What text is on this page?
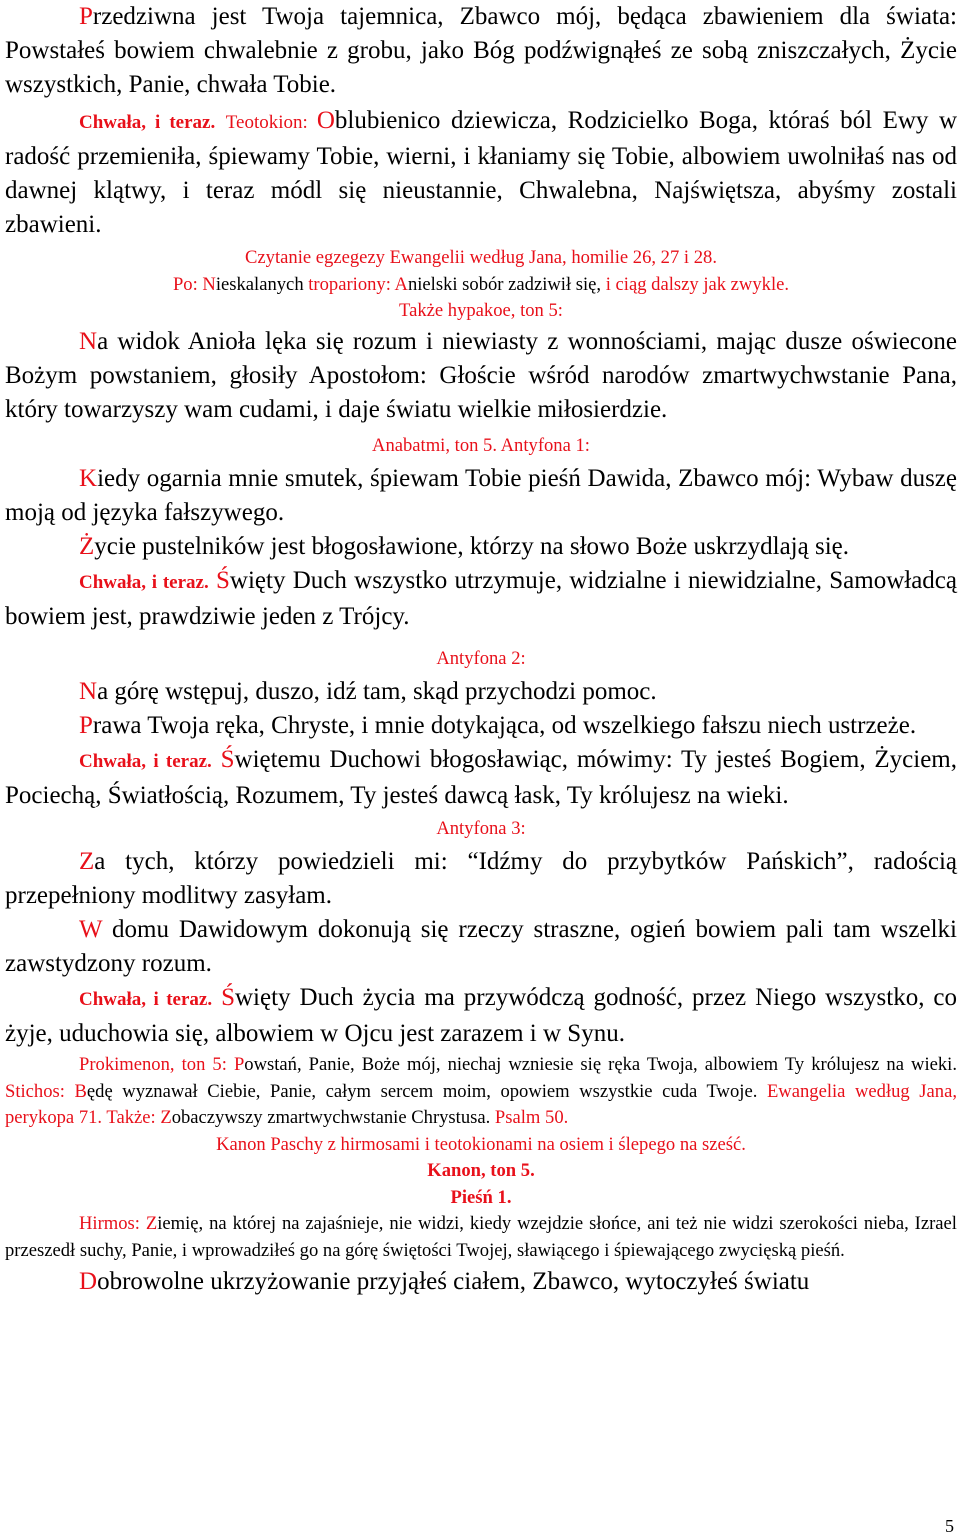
Przedziwna jest Twoja tajemnica, Zbawco mój, będąca zbawieniem dla świata: Powstałeś bowiem chwalebnie z grobu, jako Bóg podźwignąłeś ze sobą zniszczałych, Życie wszystkich, Panie, chwała Tobie.

Chwała, i teraz. Teotokion: Oblubienico dziewicza, Rodzicielko Boga, któraś ból Ewy w radość przemieniła, śpiewamy Tobie, wierni, i kłaniamy się Tobie, albowiem uwolniłaś nas od dawnej klątwy, i teraz módl się nieustannie, Chwalebna, Najświętsza, abyśmy zostali zbawieni.

Czytanie egzegezy Ewangelii według Jana, homilie 26, 27 i 28.

Po: Nieskalanych tropariony: Anielski sobór zadziwił się, i ciąg dalszy jak zwykle.

Także hypakoe, ton 5:

Na widok Anioła lęka się rozum i niewiasty z wonnościami, mając dusze oświecone Bożym powstaniem, głosiły Apostołom: Głoście wśród narodów zmartwychwstanie Pana, który towarzyszy wam cudami, i daje światu wielkie miłosierdzie.

Anabatmi, ton 5. Antyfona 1:

Kiedy ogarnia mnie smutek, śpiewam Tobie pieśń Dawida, Zbawco mój: Wybaw duszę moją od języka fałszywego.

Życie pustelników jest błogosławione, którzy na słowo Boże uskrzydlają się.

Chwała, i teraz. Święty Duch wszystko utrzymuje, widzialne i niewidzialne, Samowładcą bowiem jest, prawdziwie jeden z Trójcy.

Antyfona 2:

Na górę wstępuj, duszo, idź tam, skąd przychodzi pomoc.

Prawa Twoja ręka, Chryste, i mnie dotykająca, od wszelkiego fałszu niech ustrzeże.

Chwała, i teraz. Świętemu Duchowi błogosławiąc, mówimy: Ty jesteś Bogiem, Życiem, Pociechą, Światłością, Rozumem, Ty jesteś dawcą łask, Ty królujesz na wieki.

Antyfona 3:

Za tych, którzy powiedzieli mi: “Idźmy do przybytków Pańskich”, radością przepełniony modlitwy zasyłam.

W domu Dawidowym dokonują się rzeczy straszne, ogień bowiem pali tam wszelki zawstydzony rozum.

Chwała, i teraz. Święty Duch życia ma przywódczą godność, przez Niego wszystko, co żyje, uduchowia się, albowiem w Ojcu jest zarazem i w Synu.

Prokimenon, ton 5: Powstań, Panie, Boże mój, niechaj wzniesie się ręka Twoja, albowiem Ty królujesz na wieki. Stichos: Będę wyznawał Ciebie, Panie, całym sercem moim, opowiem wszystkie cuda Twoje. Ewangelia według Jana, perykopa 71. Także: Zobaczywszy zmartwychwstanie Chrystusa. Psalm 50.

Kanon Paschy z hirmosami i teotokionami na osiem i ślepego na sześć.

Kanon, ton 5.

Pieśń 1.

Hirmos: Ziemię, na której na zajaśnieje, nie widzi, kiedy wzejdzie słońce, ani też nie widzi szerokości nieba, Izrael przeszedł suchy, Panie, i wprowadziłeś go na górę świętości Twojej, sławiącego i śpiewającego zwycięską pieśń.

Dobrowolne ukrzyżowanie przyjąłeś ciałem, Zbawco, wytoczyłeś światu

5
